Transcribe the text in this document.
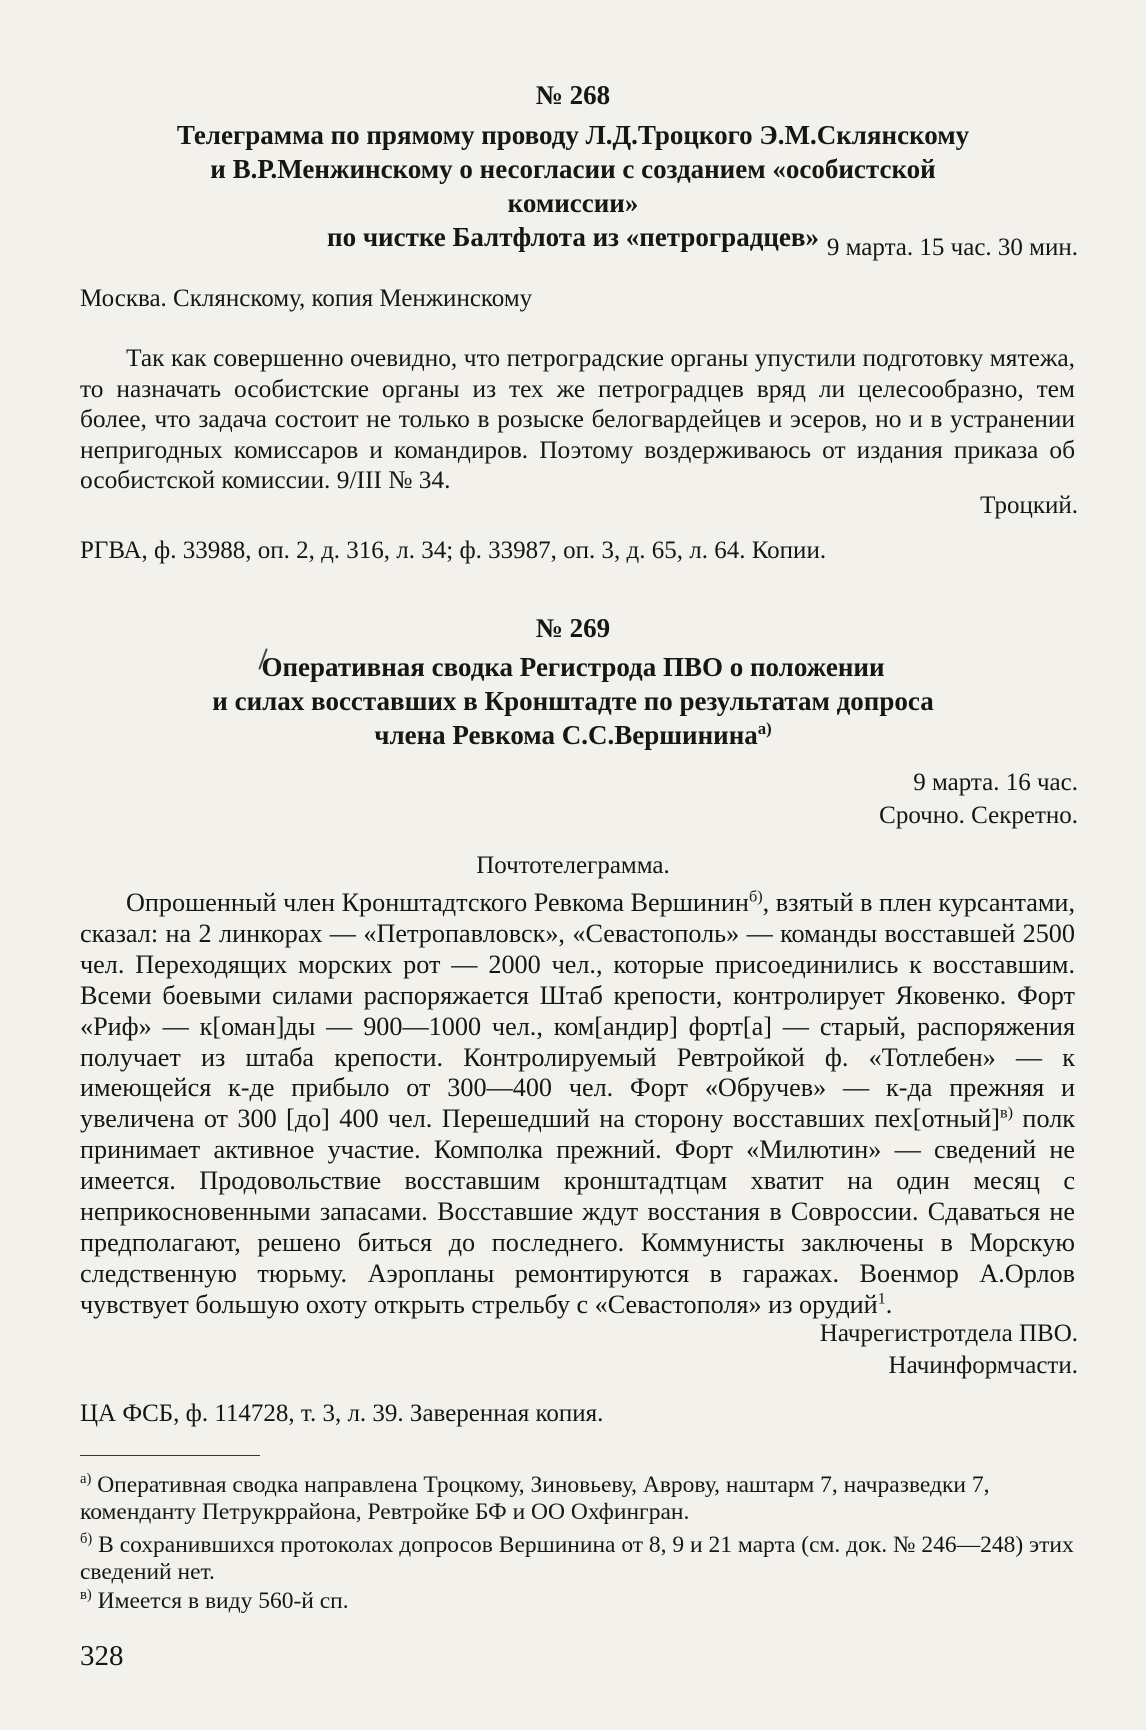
№ 268
Телеграмма по прямому проводу Л.Д.Троцкого Э.М.Склянскому
и В.Р.Менжинскому о несогласии с созданием «особистской комиссии»
по чистке Балтфлота из «петроградцев» 9 марта. 15 час. 30 мин.
Москва. Склянскому, копия Менжинскому
Так как совершенно очевидно, что петроградские органы упустили подготовку мятежа, то назначать особистские органы из тех же петроградцев вряд ли целесообразно, тем более, что задача состоит не только в розыске белогвардейцев и эсеров, но и в устранении непригодных комиссаров и командиров. Поэтому воздерживаюсь от издания приказа об особистской комиссии. 9/III № 34.
Троцкий.
РГВА, ф. 33988, оп. 2, д. 316, л. 34; ф. 33987, оп. 3, д. 65, л. 64. Копии.
№ 269
Оперативная сводка Регистрода ПВО о положении
и силах восставших в Кронштадте по результатам допроса
члена Ревкома С.С.Вершинина$^{а)}$
9 марта. 16 час.
Срочно. Секретно.
Почтотелеграмма.
Опрошенный член Кронштадтского Ревкома Вершинин$^{б)}$, взятый в плен курсантами, сказал: на 2 линкорах — «Петропавловск», «Севастополь» — команды восставшей 2500 чел. Переходящих морских рот — 2000 чел., которые присоединились к восставшим. Всеми боевыми силами распоряжается Штаб крепости, контролирует Яковенко. Форт «Риф» — к[оман]ды — 900—1000 чел., ком[андир] форт[а] — старый, распоряжения получает из штаба крепости. Контролируемый Ревтройкой ф. «Тотлебен» — к имеющейся к-де прибыло от 300—400 чел. Форт «Обручев» — к-да прежняя и увеличена от 300 [до] 400 чел. Перешедший на сторону восставших пех[отный]$^{в)}$ полк принимает активное участие. Комполка прежний. Форт «Милютин» — сведений не имеется. Продовольствие восставшим кронштадтцам хватит на один месяц с неприкосновенными запасами. Восставшие ждут восстания в Совроссии. Сдаваться не предполагают, решено биться до последнего. Коммунисты заключены в Морскую следственную тюрьму. Аэропланы ремонтируются в гаражах. Военмор А.Орлов чувствует большую охоту открыть стрельбу с «Севастополя» из орудий$^1$.
Начрегистротдела ПВО.
Начинформчасти.
ЦА ФСБ, ф. 114728, т. 3, л. 39. Заверенная копия.
$^{а)}$ Оперативная сводка направлена Троцкому, Зиновьеву, Аврову, наштарм 7, начразведки 7, коменданту Петрукррайона, Ревтройке БФ и ОО Охфингран.
$^{б)}$ В сохранившихся протоколах допросов Вершинина от 8, 9 и 21 марта (см. док. № 246—248) этих сведений нет.
$^{в)}$ Имеется в виду 560-й сп.
328
